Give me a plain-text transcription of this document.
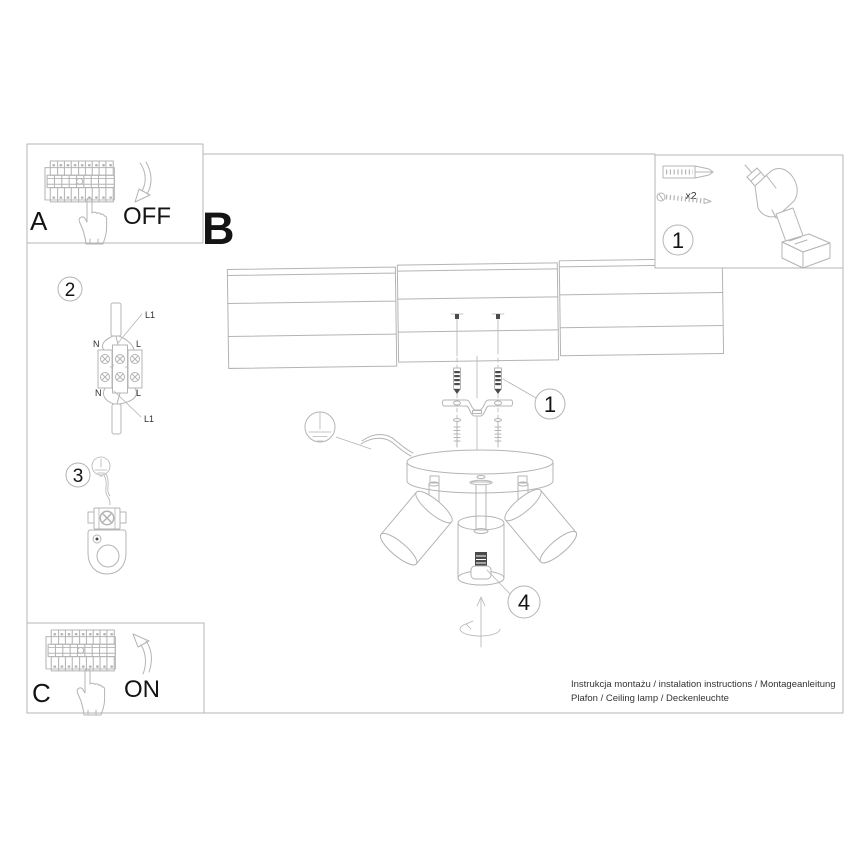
A	OFF B
C	ON
x2
1
2
N	L
L1
N	L
L1
3
1
4
Instrukcja montażu / instalation instructions / Montageanleitung
Plafon / Ceiling lamp / Deckenleuchte
